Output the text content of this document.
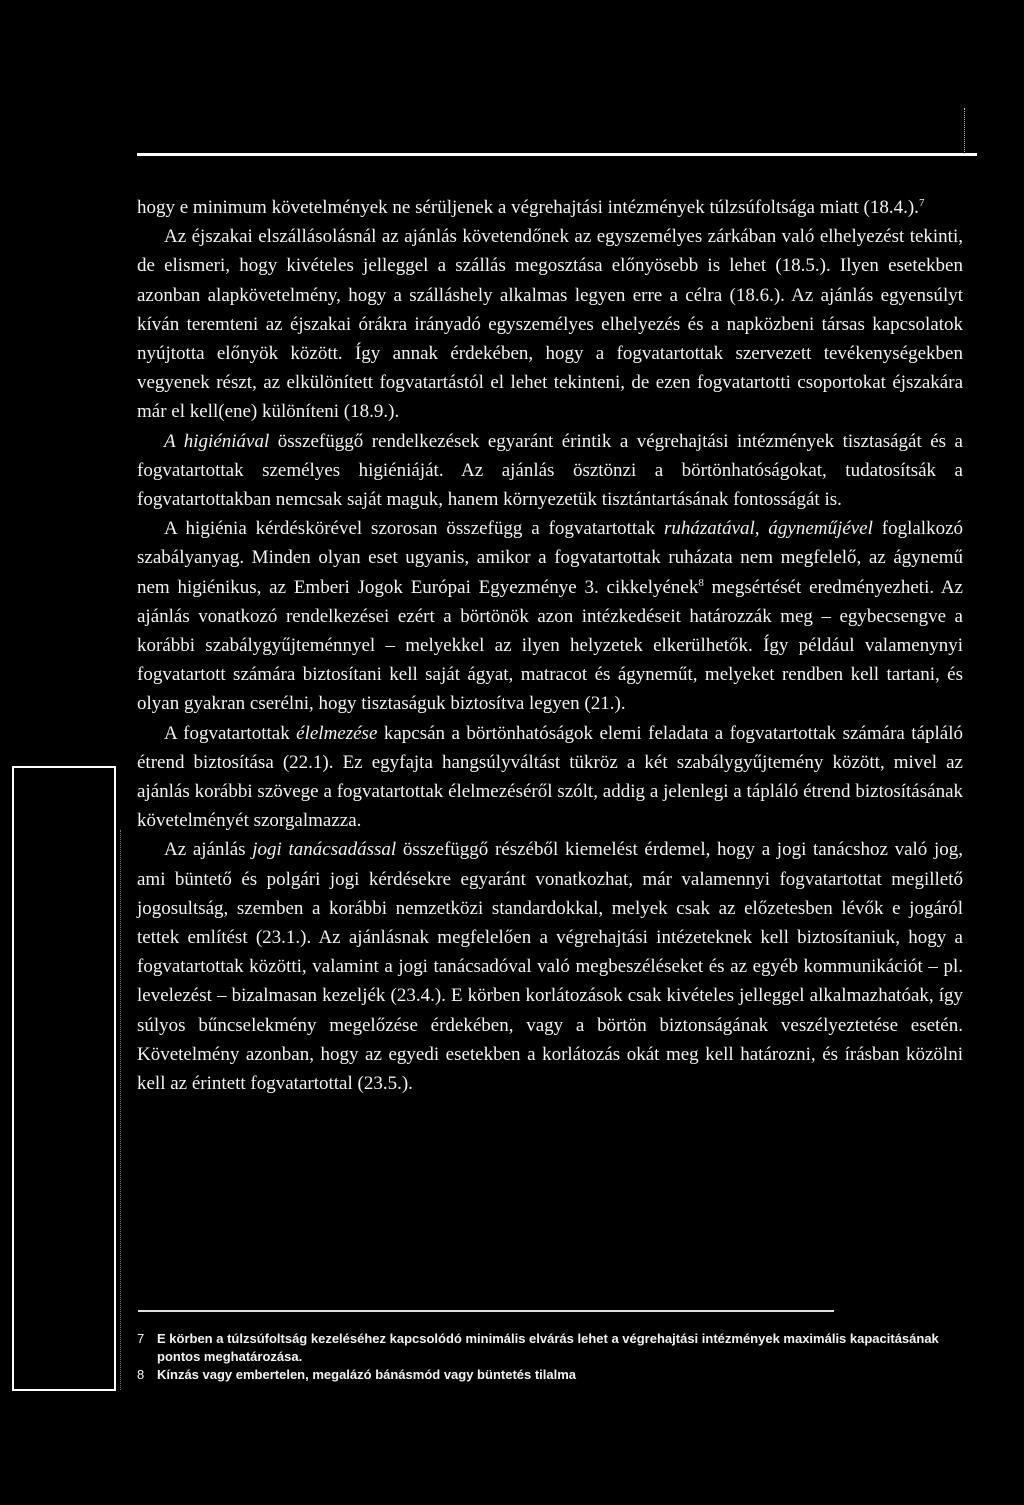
hogy e minimum követelmények ne sérüljenek a végrehajtási intézmények túlzsúfoltsága miatt (18.4.).$^7$

Az éjszakai elszállásolásnál az ajánlás követendőnek az egyszemélyes zárkában való elhelyezést tekinti, de elismeri, hogy kivételes jelleggel a szállás megosztása előnyösebb is lehet (18.5.). Ilyen esetekben azonban alapkövetelmény, hogy a szálláshely alkalmas legyen erre a célra (18.6.). Az ajánlás egyensúlyt kíván teremteni az éjszakai órákra irányadó egyszemélyes elhelyezés és a napközbeni társas kapcsolatok nyújtotta előnyök között. Így annak érdekében, hogy a fogvatartottak szervezett tevékenységekben vegyenek részt, az elkülönített fogvatartástól el lehet tekinteni, de ezen fogvatartotti csoportokat éjszakára már el kell(ene) különíteni (18.9.).

A higiéniával összefüggő rendelkezések egyaránt érintik a végrehajtási intézmények tisztaságát és a fogvatartottak személyes higiéniáját. Az ajánlás ösztönzi a börtönhatóságokat, tudatosítsák a fogvatartottakban nemcsak saját maguk, hanem környezetük tisztántartásának fontosságát is.

A higiénia kérdéskörével szorosan összefügg a fogvatartottak ruházatával, ágyneműjével foglalkozó szabályanyag. Minden olyan eset ugyanis, amikor a fogvatartottak ruházata nem megfelelő, az ágynemű nem higiénikus, az Emberi Jogok Európai Egyezménye 3. cikkelyének$^8$ megsértését eredményezheti. Az ajánlás vonatkozó rendelkezései ezért a börtönök azon intézkedéseit határozzák meg – egybecsengve a korábbi szabálygyűjteménnyel – melyekkel az ilyen helyzetek elkerülhetők. Így például valamenynyi fogvatartott számára biztosítani kell saját ágyat, matracot és ágyneműt, melyeket rendben kell tartani, és olyan gyakran cserélni, hogy tisztaságuk biztosítva legyen (21.).

A fogvatartottak élelmezése kapcsán a börtönhatóságok elemi feladata a fogvatartottak számára tápláló étrend biztosítása (22.1). Ez egyfajta hangsúlyváltást tükröz a két szabálygyűjtemény között, mivel az ajánlás korábbi szövege a fogvatartottak élelmezéséről szólt, addig a jelenlegi a tápláló étrend biztosításának követelményét szorgalmazza.

Az ajánlás jogi tanácsadással összefüggő részéből kiemelést érdemel, hogy a jogi tanácshoz való jog, ami büntető és polgári jogi kérdésekre egyaránt vonatkozhat, már valamennyi fogvatartottat megillető jogosultság, szemben a korábbi nemzetközi standardokkal, melyek csak az előzetesben lévők e jogáról tettek említést (23.1.). Az ajánlásnak megfelelően a végrehajtási intézeteknek kell biztosítaniuk, hogy a fogvatartottak közötti, valamint a jogi tanácsadóval való megbeszéléseket és az egyéb kommunikációt – pl. levelezést – bizalmasan kezeljék (23.4.). E körben korlátozások csak kivételes jelleggel alkalmazhatóak, így súlyos bűncselekmény megelőzése érdekében, vagy a börtön biztonságának veszélyeztetése esetén. Követelmény azonban, hogy az egyedi esetekben a korlátozás okát meg kell határozni, és írásban közölni kell az érintett fogvatartottal (23.5.).

7 E körben a túlzsúfoltság kezeléséhez kapcsolódó minimális elvárás lehet a végrehajtási intézmények maximális kapacitásának pontos meghatározása.
8 Kínzás vagy embertelen, megalázó bánásmód vagy büntetés tilalma
